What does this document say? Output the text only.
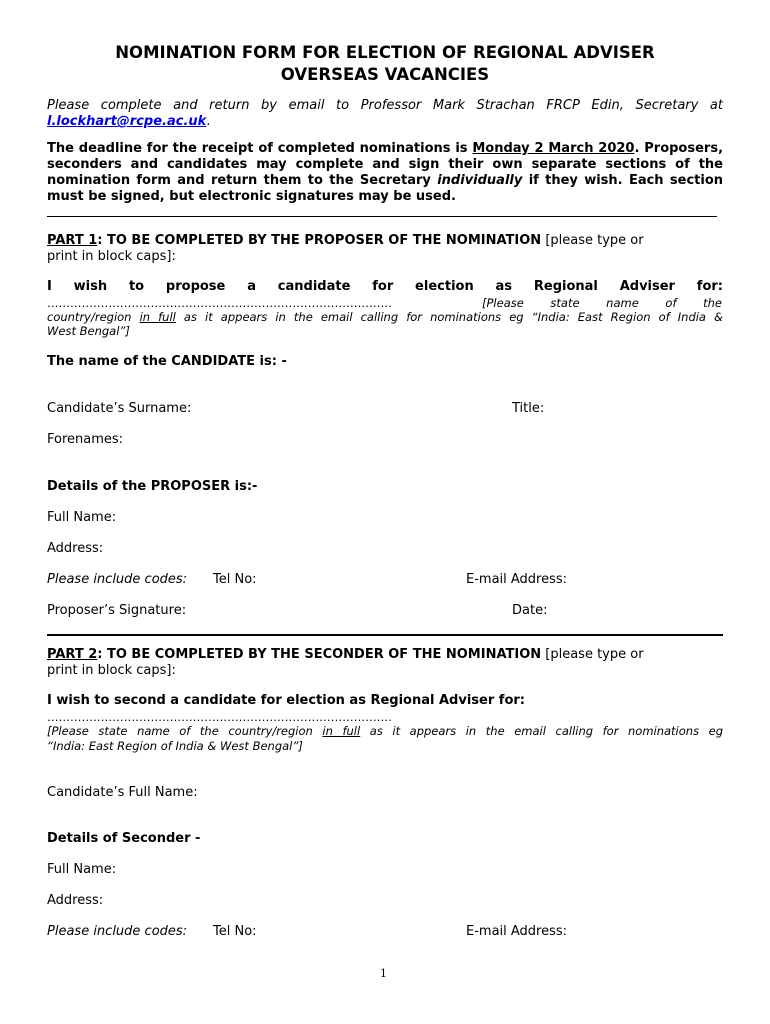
NOMINATION FORM FOR ELECTION OF REGIONAL ADVISER
OVERSEAS VACANCIES
Please complete and return by email to Professor Mark Strachan FRCP Edin, Secretary at
l.lockhart@rcpe.ac.uk.
The deadline for the receipt of completed nominations is Monday 2 March 2020. Proposers, seconders and candidates may complete and sign their own separate sections of the nomination form and return them to the Secretary individually if they wish. Each section must be signed, but electronic signatures may be used.
PART 1: TO BE COMPLETED BY THE PROPOSER OF THE NOMINATION [please type or
print in block caps]:
I wish to propose a candidate for election as Regional Adviser for:
………………………………………………………………………………	[Please state name of the
country/region in full as it appears in the email calling for nominations eg “India: East Region of India &
West Bengal”]
The name of the CANDIDATE is: -
Candidate’s Surname:	Title:
Forenames:
Details of the PROPOSER is:-
Full Name:
Address:
Please include codes: Tel No:	E-mail Address:
Proposer’s Signature:	Date:
PART 2: TO BE COMPLETED BY THE SECONDER OF THE NOMINATION [please type or
print in block caps]:
I wish to second a candidate for election as Regional Adviser for:
………………………………………………………………………………
[Please state name of the country/region in full as it appears in the email calling for nominations eg
“India: East Region of India & West Bengal”]
Candidate’s Full Name:
Details of Seconder -
Full Name:
Address:
Please include codes: Tel No:	E-mail Address:
1
